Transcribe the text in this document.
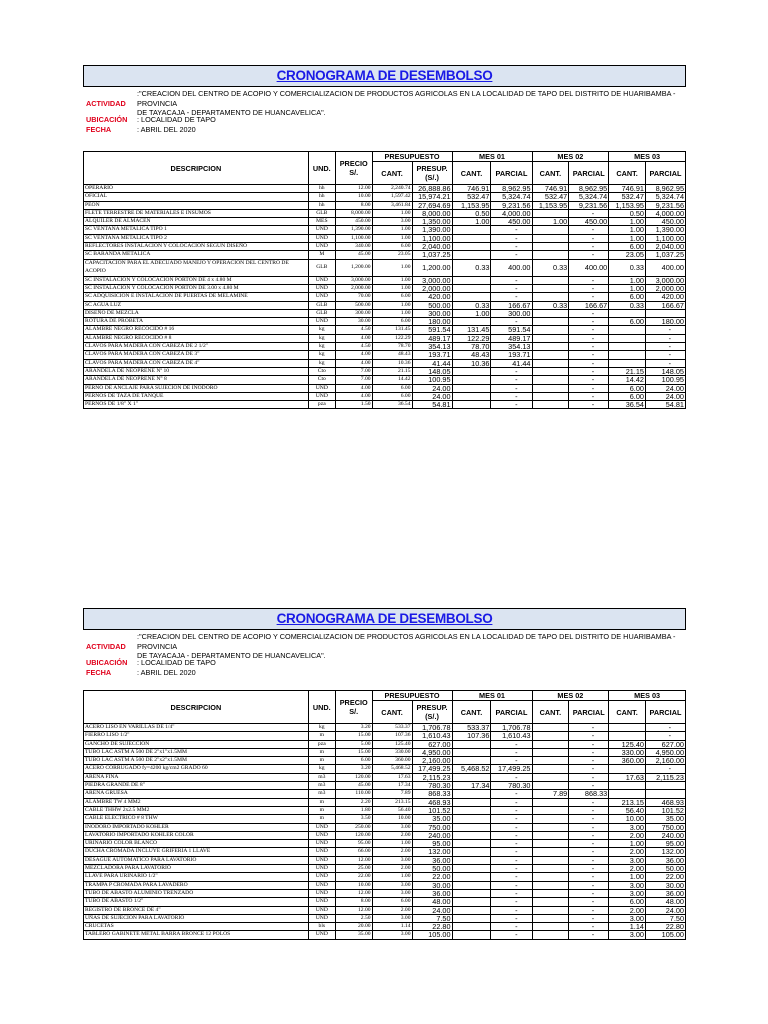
CRONOGRAMA DE DESEMBOLSO
:"CREACION DEL CENTRO DE ACOPIO Y COMERCIALIZACION DE PRODUCTOS AGRICOLAS EN LA LOCALIDAD DE TAPO DEL DISTRITO DE HUARIBAMBA - PROVINCIA
DE TAYACAJA - DEPARTAMENTO DE HUANCAVELICA".
ACTIVIDAD
UBICACIÓN
FECHA
: LOCALIDAD DE TAPO
: ABRIL DEL 2020
DESCRIPCION	UND.	PRECIO
S/.	PRESUPUESTO		MES 01		MES 02		MES 03	
			CANT.	PRESUP.
(S/.)	CANT.	PARCIAL	CANT.	PARCIAL	CANT.	PARCIAL
OPERARIO	hh	12.00	2,240.74	26,888.86	746.91	8,962.95	746.91	8,962.95	746.91	8,962.95
OFICIAL	hh	10.00	1,597.42	15,974.21	532.47	5,324.74	532.47	5,324.74	532.47	5,324.74
PEON	hh	8.00	3,461.84	27,694.69	1,153.95	9,231.56	1,153.95	9,231.56	1,153.95	9,231.56
FLETE TERRESTRE DE MATERIALES E INSUMOS	GLB	8,000.00	1.00	8,000.00	0.50	4,000.00		-	0.50	4,000.00
ALQUILER DE ALMACEN	MES	450.00	3.00	1,350.00	1.00	450.00	1.00	450.00	1.00	450.00
SC VENTANA METALICA TIPO 1	UND	1,390.00	1.00	1,390.00		-		-	1.00	1,390.00
SC VENTANA METALICA TIPO 2	UND	1,100.00	1.00	1,100.00		-		-	1.00	1,100.00
REFLECTORES INSTALACION Y COLOCACION SEGUN DISEÑO	UND	340.00	6.00	2,040.00		-		-	6.00	2,040.00
SC BARANDA METALICA	M	45.00	23.05	1,037.25		-		-	23.05	1,037.25
CAPACITACION PARA EL ADECUADO MANEJO Y OPERACION DEL CENTRO DE ACOPIO	GLB	1,200.00	1.00	1,200.00	0.33	400.00	0.33	400.00	0.33	400.00
SC INSTALACION Y COLOCACION PORTON DE 4 x 4.80 M	UND	3,000.00	1.00	3,000.00		-		-	1.00	3,000.00
SC INSTALACION Y COLOCACION PORTON DE 3.00 x 4.80 M	UND	2,000.00	1.00	2,000.00		-		-	1.00	2,000.00
SC ADQUISICION E INSTALACION DE PUERTAS DE MELAMINE	UND	70.00	6.00	420.00		-		-	6.00	420.00
SC AGUA LUZ	GLB	500.00	1.00	500.00	0.33	166.67	0.33	166.67	0.33	166.67
DISEÑO DE MEZCLA	GLB	300.00	1.00	300.00	1.00	300.00		-		
ROTURA DE PROBETA	UND	30.00	6.00	180.00		-		-	6.00	180.00
ALAMBRE NEGRO RECOCIDO # 16	kg	4.50	131.45	591.54	131.45	591.54		-		-
ALAMBRE NEGRO RECOCIDO # 8	kg	4.00	122.29	489.17	122.29	489.17		-		-
CLAVOS PARA MADERA CON CABEZA DE 2 1/2"	kg	4.50	78.70	354.13	78.70	354.13		-		-
CLAVOS PARA MADERA CON CABEZA DE 3"	kg	4.00	48.43	193.71	48.43	193.71		-		-
CLAVOS PARA MADERA CON CABEZA DE 4"	kg	4.00	10.36	41.44	10.36	41.44		-		-
ARANDELA DE NEOPRENE Nº 10	Cto	7.00	21.15	148.05		-		-	21.15	148.05
ARANDELA DE NEOPRENE N° 8	Cto	7.00	14.42	100.95		-		-	14.42	100.95
PERNO DE ANCLAJE PARA SUJECION DE INODORO	UND	4.00	6.00	24.00		-		-	6.00	24.00
PERNOS DE TAZA DE TANQUE	UND	4.00	6.00	24.00		-		-	6.00	24.00
PERNOS DE 1/8" X 1"	pza	1.50	36.54	54.81		-		-	36.54	54.81
CRONOGRAMA DE DESEMBOLSO
:"CREACION DEL CENTRO DE ACOPIO Y COMERCIALIZACION DE PRODUCTOS AGRICOLAS EN LA LOCALIDAD DE TAPO DEL DISTRITO DE HUARIBAMBA - PROVINCIA
DE TAYACAJA - DEPARTAMENTO DE HUANCAVELICA".
ACTIVIDAD
UBICACIÓN
FECHA
: LOCALIDAD DE TAPO
: ABRIL DEL 2020
DESCRIPCION	UND.	PRECIO
S/.	PRESUPUESTO		MES 01		MES 02		MES 03	
			CANT.	PRESUP.
(S/.)	CANT.	PARCIAL	CANT.	PARCIAL	CANT.	PARCIAL
ACERO LISO EN VARILLAS DE 1/4"	kg	3.20	533.37	1,706.78	533.37	1,706.78		-		-
FIERRO LISO 1/2"	m	15.00	107.36	1,610.43	107.36	1,610.43		-		-
GANCHO DE SUJECCION	pza	5.00	125.40	627.00		-		-	125.40	627.00
TUBO LAC ASTM A 500 DE 2"x1"x1.5MM	m	15.00	330.00	4,950.00		-		-	330.00	4,950.00
TUBO LAC ASTM A 500 DE 2"x2"x1.5MM	m	6.00	360.00	2,160.00		-		-	360.00	2,160.00
ACERO CORRUGADO fy=4200 kg/cm2 GRADO 60	kg	3.20	5,468.52	17,499.25	5,468.52	17,499.25		-		-
ARENA FINA	m3	120.00	17.63	2,115.23		-		-	17.63	2,115.23
PIEDRA GRANDE DE 8"	m3	45.00	17.34	780.30	17.34	780.30		-		
ARENA GRUESA	m3	110.00	7.89	868.33		-	7.89	868.33		
ALAMBRE TW 4 MM2	m	2.20	213.15	468.93		-		-	213.15	468.93
CABLE THHW 2x2.5 MM2	m	1.80	56.40	101.52		-		-	56.40	101.52
CABLE ELECTRICO # 8 THW	m	3.50	10.00	35.00		-		-	10.00	35.00
INODORO IMPORTADO KOHLER	UND	250.00	3.00	750.00		-		-	3.00	750.00
LAVATORIO IMPORTADO KOHLER COLOR	UND	120.00	2.00	240.00		-		-	2.00	240.00
URINARIO COLOR BLANCO	UND	95.00	1.00	95.00		-		-	1.00	95.00
DUCHA CROMADA INCLUYE GRIFERIA 1 LLAVE	UND	66.00	2.00	132.00		-		-	2.00	132.00
DESAGUE AUTOMATICO PARA LAVATORIO	UND	12.00	3.00	36.00		-		-	3.00	36.00
MEZCLADORA PARA LAVATORIO	UND	25.00	2.00	50.00		-		-	2.00	50.00
LLAVE PARA URINARIO 1/2"	UND	22.00	1.00	22.00		-		-	1.00	22.00
TRAMPA P CROMADA PARA LAVADERO	UND	10.00	3.00	30.00		-		-	3.00	30.00
TUBO DE ABASTO ALUMINIO TRENZADO	UND	12.00	3.00	36.00		-		-	3.00	36.00
TUBO DE ABASTO 1/2"	UND	8.00	6.00	48.00		-		-	6.00	48.00
REGISTRO DE BRONCE DE 4"	UND	12.00	2.00	24.00		-		-	2.00	24.00
UÑAS DE SUJECION PARA LAVATORIO	UND	2.50	3.00	7.50		-		-	3.00	7.50
CRUCETAS	bls	20.00	1.14	22.80		-		-	1.14	22.80
TABLERO GABINETE METAL BARRA BRONCE 12 POLOS	UND	35.00	3.00	105.00		-		-	3.00	105.00
